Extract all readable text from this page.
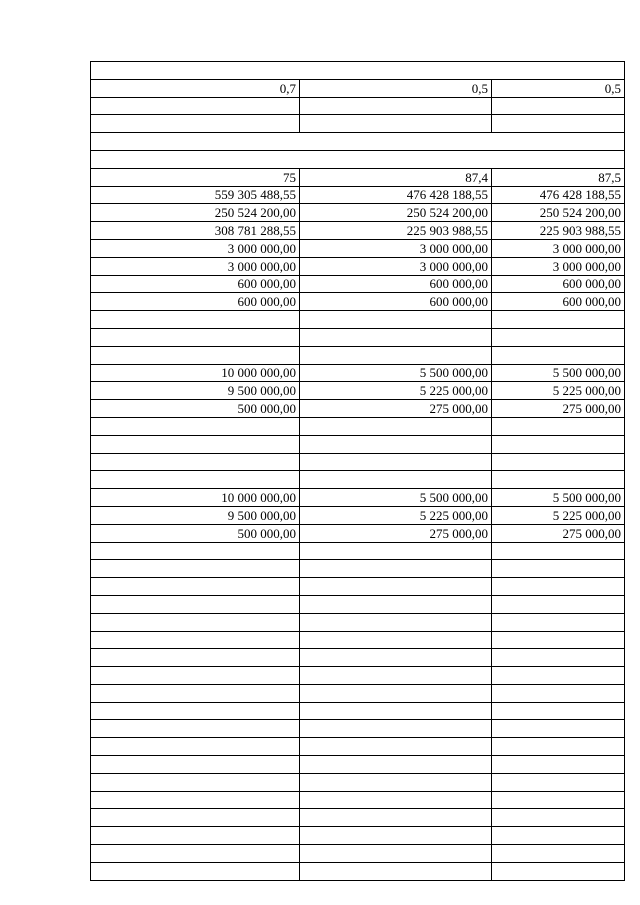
0,7	0,5	0,5

75	87,4	87,5
559 305 488,55	476 428 188,55	476 428 188,55
250 524 200,00	250 524 200,00	250 524 200,00
308 781 288,55	225 903 988,55	225 903 988,55
3 000 000,00	3 000 000,00	3 000 000,00
3 000 000,00	3 000 000,00	3 000 000,00
600 000,00	600 000,00	600 000,00
600 000,00	600 000,00	600 000,00

10 000 000,00	5 500 000,00	5 500 000,00
9 500 000,00	5 225 000,00	5 225 000,00
500 000,00	275 000,00	275 000,00

10 000 000,00	5 500 000,00	5 500 000,00
9 500 000,00	5 225 000,00	5 225 000,00
500 000,00	275 000,00	275 000,00
